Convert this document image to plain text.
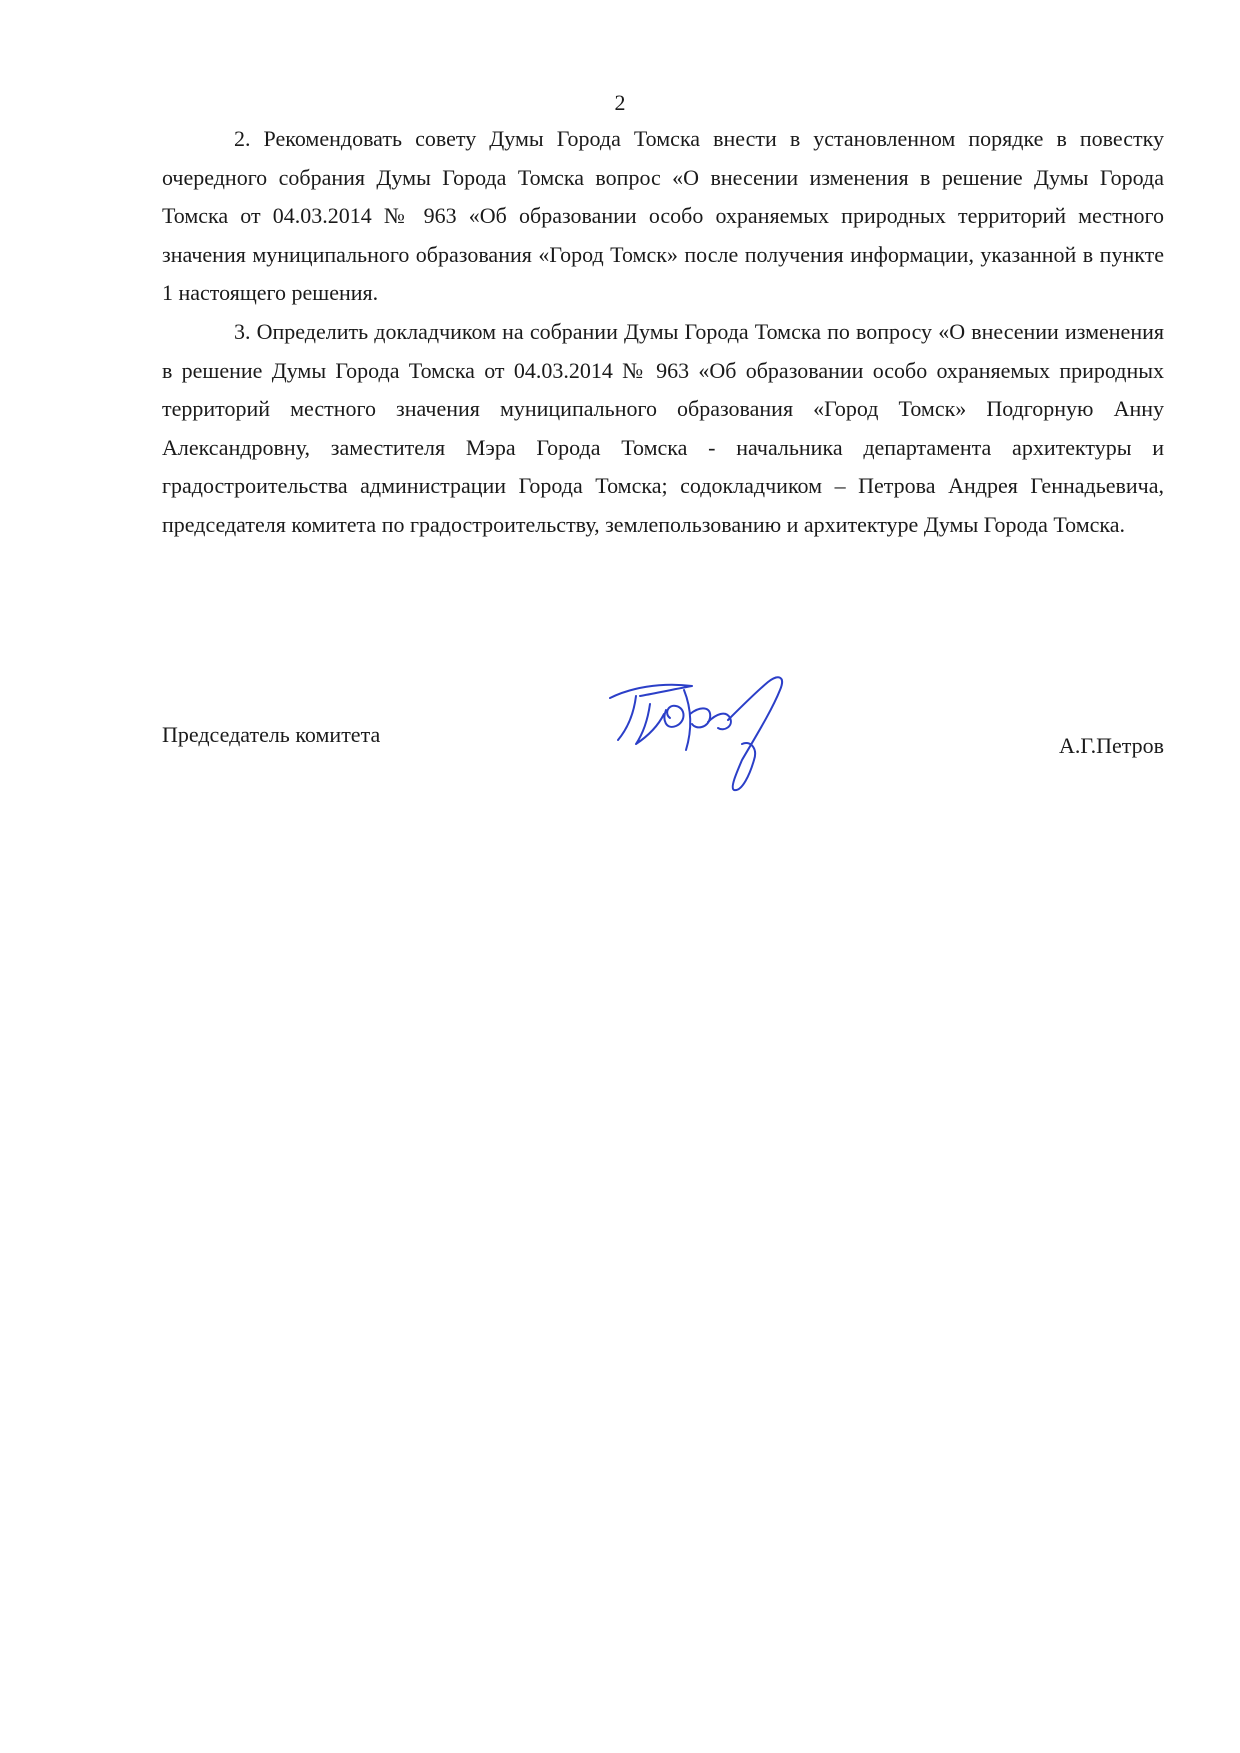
2

2. Рекомендовать совету Думы Города Томска внести в установленном порядке в повестку очередного собрания Думы Города Томска вопрос «О внесении изменения в решение Думы Города Томска от 04.03.2014 № 963 «Об образовании особо охраняемых природных территорий местного значения муниципального образования «Город Томск» после получения информации, указанной в пункте 1 настоящего решения.

3. Определить докладчиком на собрании Думы Города Томска по вопросу «О внесении изменения в решение Думы Города Томска от 04.03.2014 № 963 «Об образовании особо охраняемых природных территорий местного значения муниципального образования «Город Томск» Подгорную Анну Александровну, заместителя Мэра Города Томска - начальника департамента архитектуры и градостроительства администрации Города Томска; содокладчиком – Петрова Андрея Геннадьевича, председателя комитета по градостроительству, землепользованию и архитектуре Думы Города Томска.

Председатель комитета	А.Г.Петров
